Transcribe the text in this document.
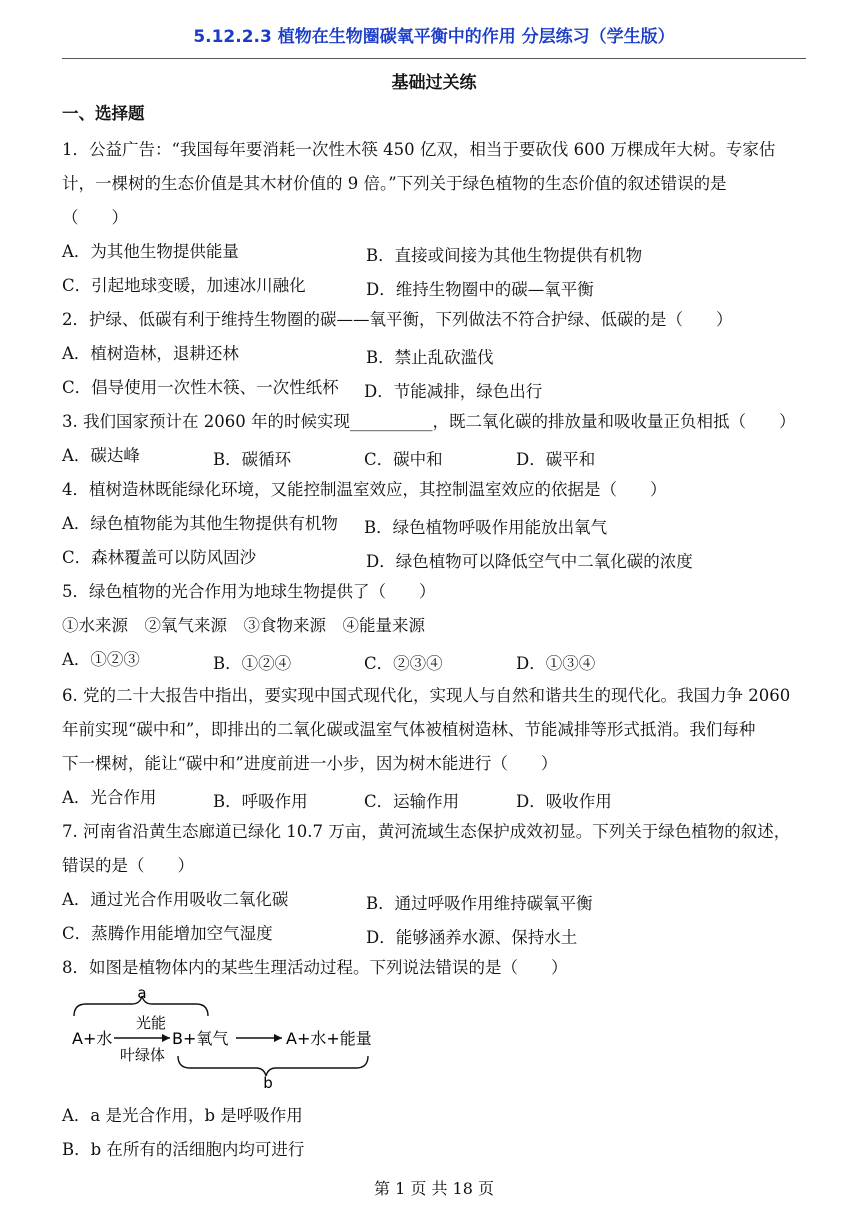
5.12.2.3 植物在生物圈碳氧平衡中的作用 分层练习（学生版）
基础过关练
一、选择题
1．公益广告：“我国每年要消耗一次性木筷 450 亿双，相当于要砍伐 600 万棵成年大树。专家估
计，一棵树的生态价值是其木材价值的 9 倍。”下列关于绿色植物的生态价值的叙述错误的是
（　　）
A．为其他生物提供能量	B．直接或间接为其他生物提供有机物
C．引起地球变暖，加速冰川融化	D．维持生物圈中的碳—氧平衡
2．护绿、低碳有利于维持生物圈的碳——氧平衡，下列做法不符合护绿、低碳的是（　　）
A．植树造林，退耕还林	B．禁止乱砍滥伐
C．倡导使用一次性木筷、一次性纸杯 D．节能减排，绿色出行
3. 我们国家预计在 2060 年的时候实现__________，既二氧化碳的排放量和吸收量正负相抵（　　）
A．碳达峰	B．碳循环	C．碳中和	D．碳平和
4．植树造林既能绿化环境，又能控制温室效应，其控制温室效应的依据是（　　）
A．绿色植物能为其他生物提供有机物 B．绿色植物呼吸作用能放出氧气
C．森林覆盖可以防风固沙	D．绿色植物可以降低空气中二氧化碳的浓度
5．绿色植物的光合作用为地球生物提供了（　　）
①水来源　②氧气来源　③食物来源　④能量来源
A．①②③	B．①②④	C．②③④	D．①③④
6. 党的二十大报告中指出，要实现中国式现代化，实现人与自然和谐共生的现代化。我国力争 2060
年前实现“碳中和”，即排出的二氧化碳或温室气体被植树造林、节能减排等形式抵消。我们每种
下一棵树，能让“碳中和”进度前进一小步，因为树木能进行（　　）
A．光合作用	B．呼吸作用	C．运输作用	D．吸收作用
7. 河南省沿黄生态廊道已绿化 10.7 万亩，黄河流域生态保护成效初显。下列关于绿色植物的叙述，
错误的是（　　）
A．通过光合作用吸收二氧化碳	B．通过呼吸作用维持碳氧平衡
C．蒸腾作用能增加空气湿度	D．能够涵养水源、保持水土
8．如图是植物体内的某些生理活动过程。下列说法错误的是（　　）
a
A+水
光能
叶绿体
B+氧气	A+水+能量
b
A．a 是光合作用，b 是呼吸作用
B．b 在所有的活细胞内均可进行
第 1 页 共 18 页
